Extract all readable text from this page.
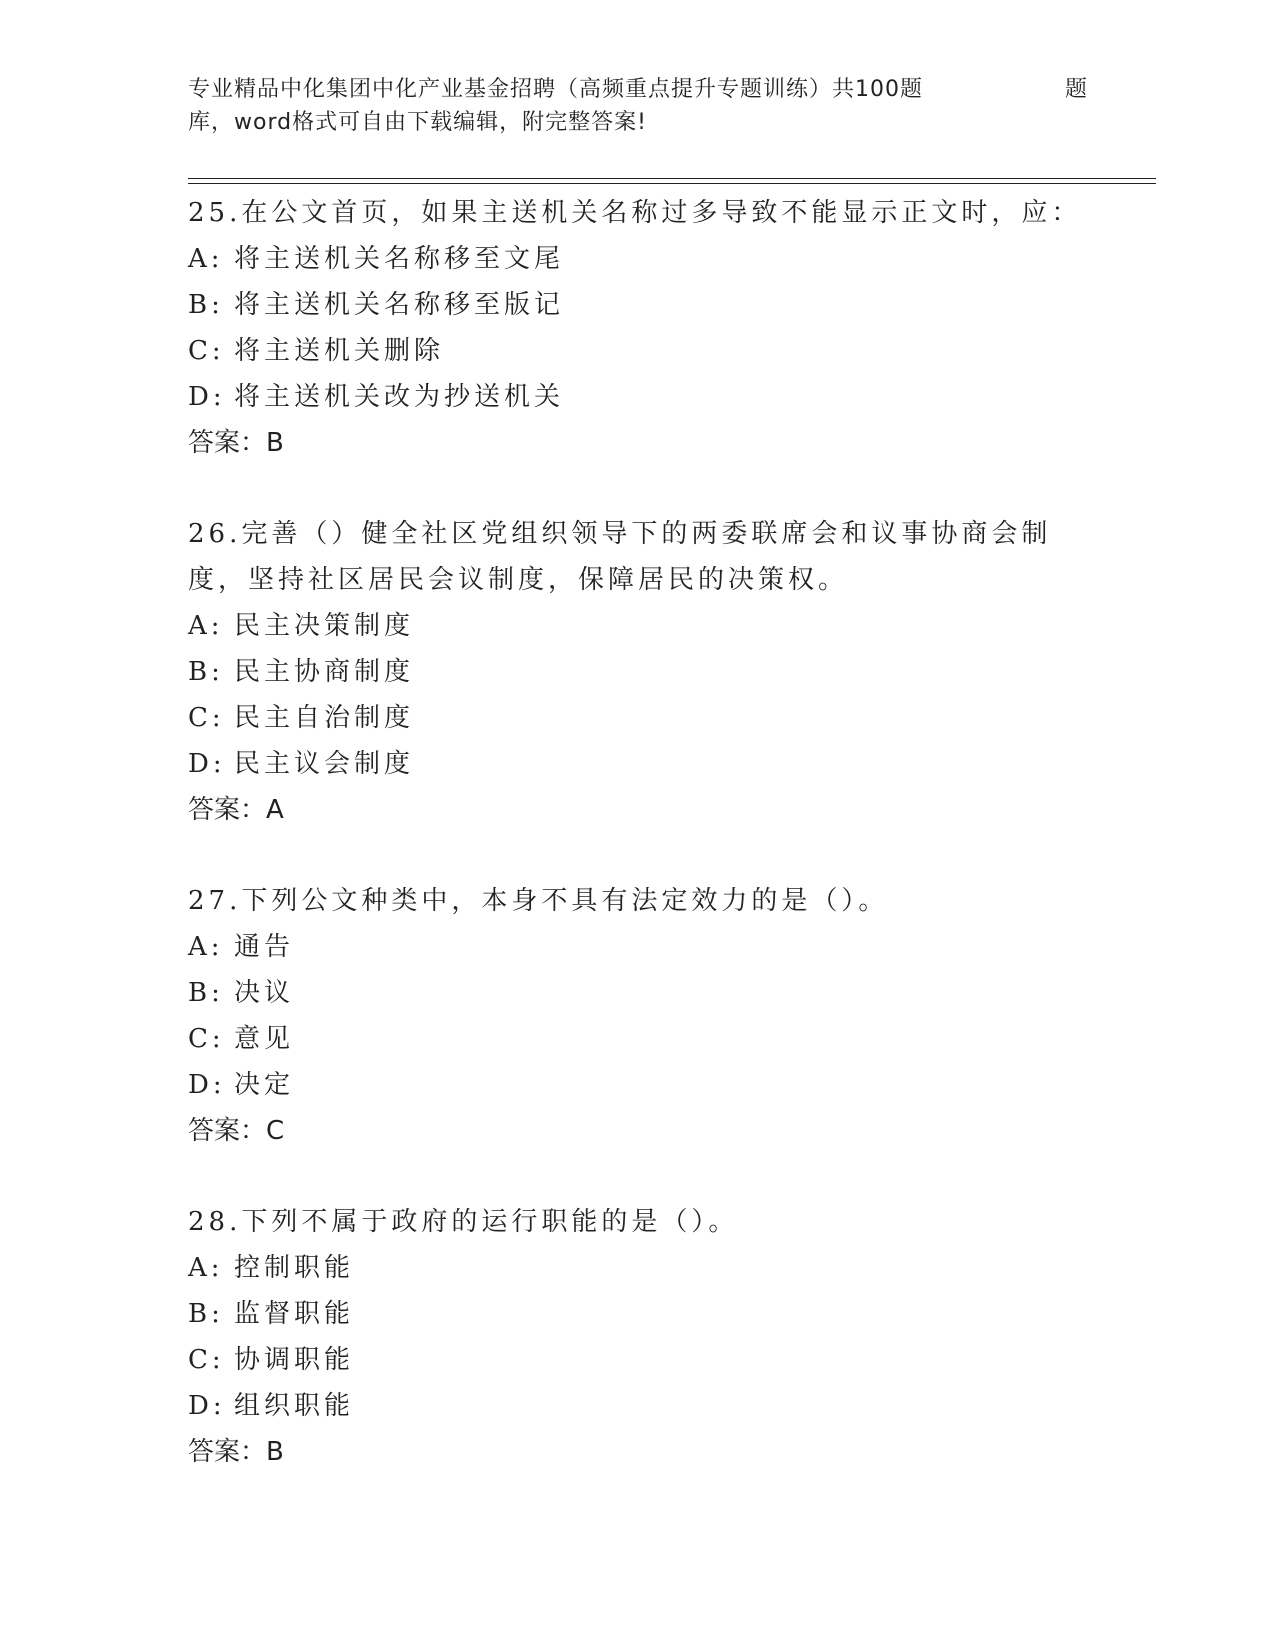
专业精品中化集团中化产业基金招聘（高频重点提升专题训练）共100题	题
库，word格式可自由下载编辑，附完整答案!
25.在公文首页，如果主送机关名称过多导致不能显示正文时，应：
A: 将主送机关名称移至文尾
B: 将主送机关名称移至版记
C: 将主送机关删除
D: 将主送机关改为抄送机关
答案：B
26.完善（）健全社区党组织领导下的两委联席会和议事协商会制度，坚持社区居民会议制度，保障居民的决策权。
A: 民主决策制度
B: 民主协商制度
C: 民主自治制度
D: 民主议会制度
答案：A
27.下列公文种类中，本身不具有法定效力的是（）。
A: 通告
B: 决议
C: 意见
D: 决定
答案：C
28.下列不属于政府的运行职能的是（）。
A: 控制职能
B: 监督职能
C: 协调职能
D: 组织职能
答案：B
